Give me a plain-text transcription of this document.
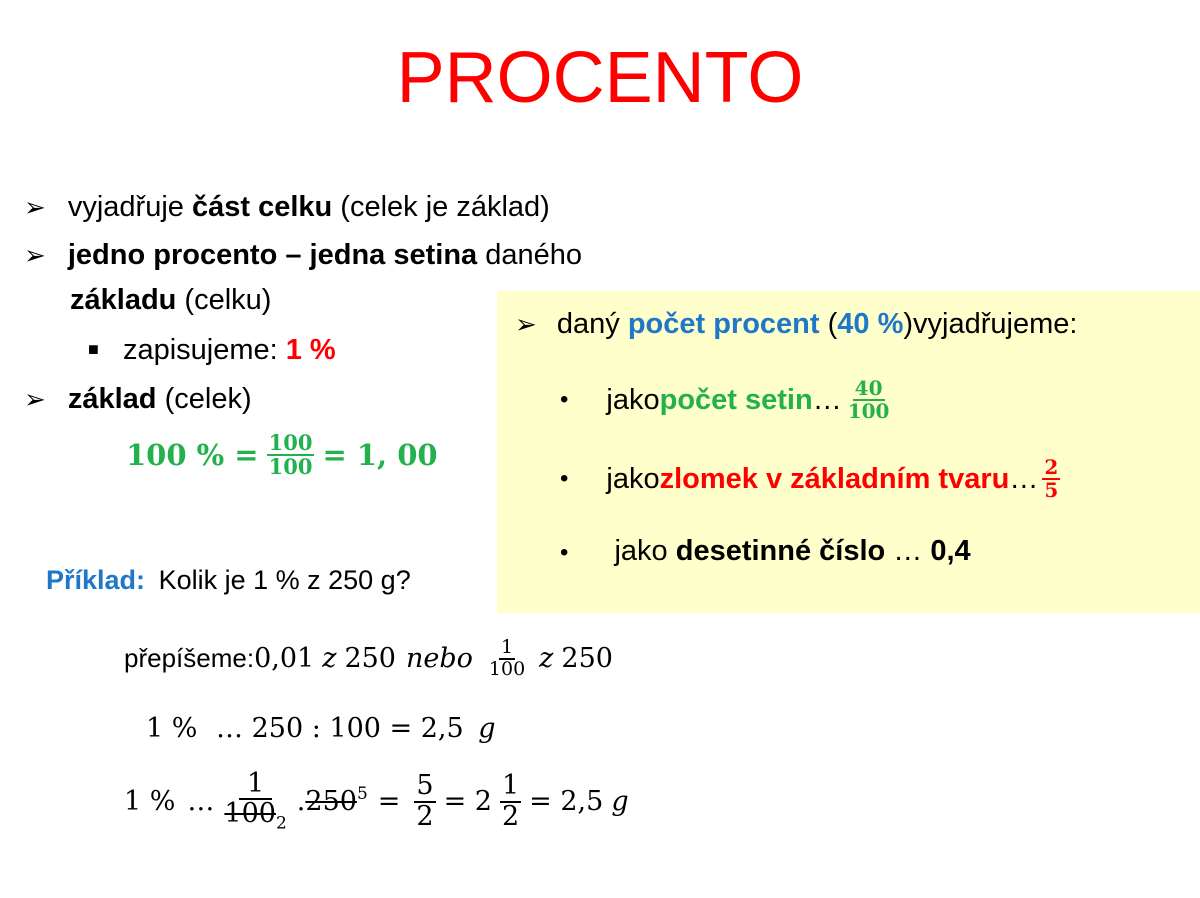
PROCENTO
➢ vyjadřuje část celku (celek je základ)
➢ jedno procento – jedna setina daného
základu (celku)
■ zapisujeme: 1 %
➢ základ (celek)
100 % = $\frac{100}{100} = 1$, 00
➢ daný počet procent (40 %)vyjadřujeme:
• jako počet setin … $\frac{40}{100}$
• jako zlomek v základním tvaru … $\frac{2}{5}$
• jako desetinné číslo … 0,4
Příklad: Kolik je 1 % z 250 g?
přepíšeme: 0,01 z 250 nebo $\frac{1}{100}$ z 250
1 % … 250 : 100 = 2,5 g
1 % … $\frac{1}{100_2}$ . $250^5 = \frac{5}{2} = 2 \frac{1}{2} = 2,5$ g
